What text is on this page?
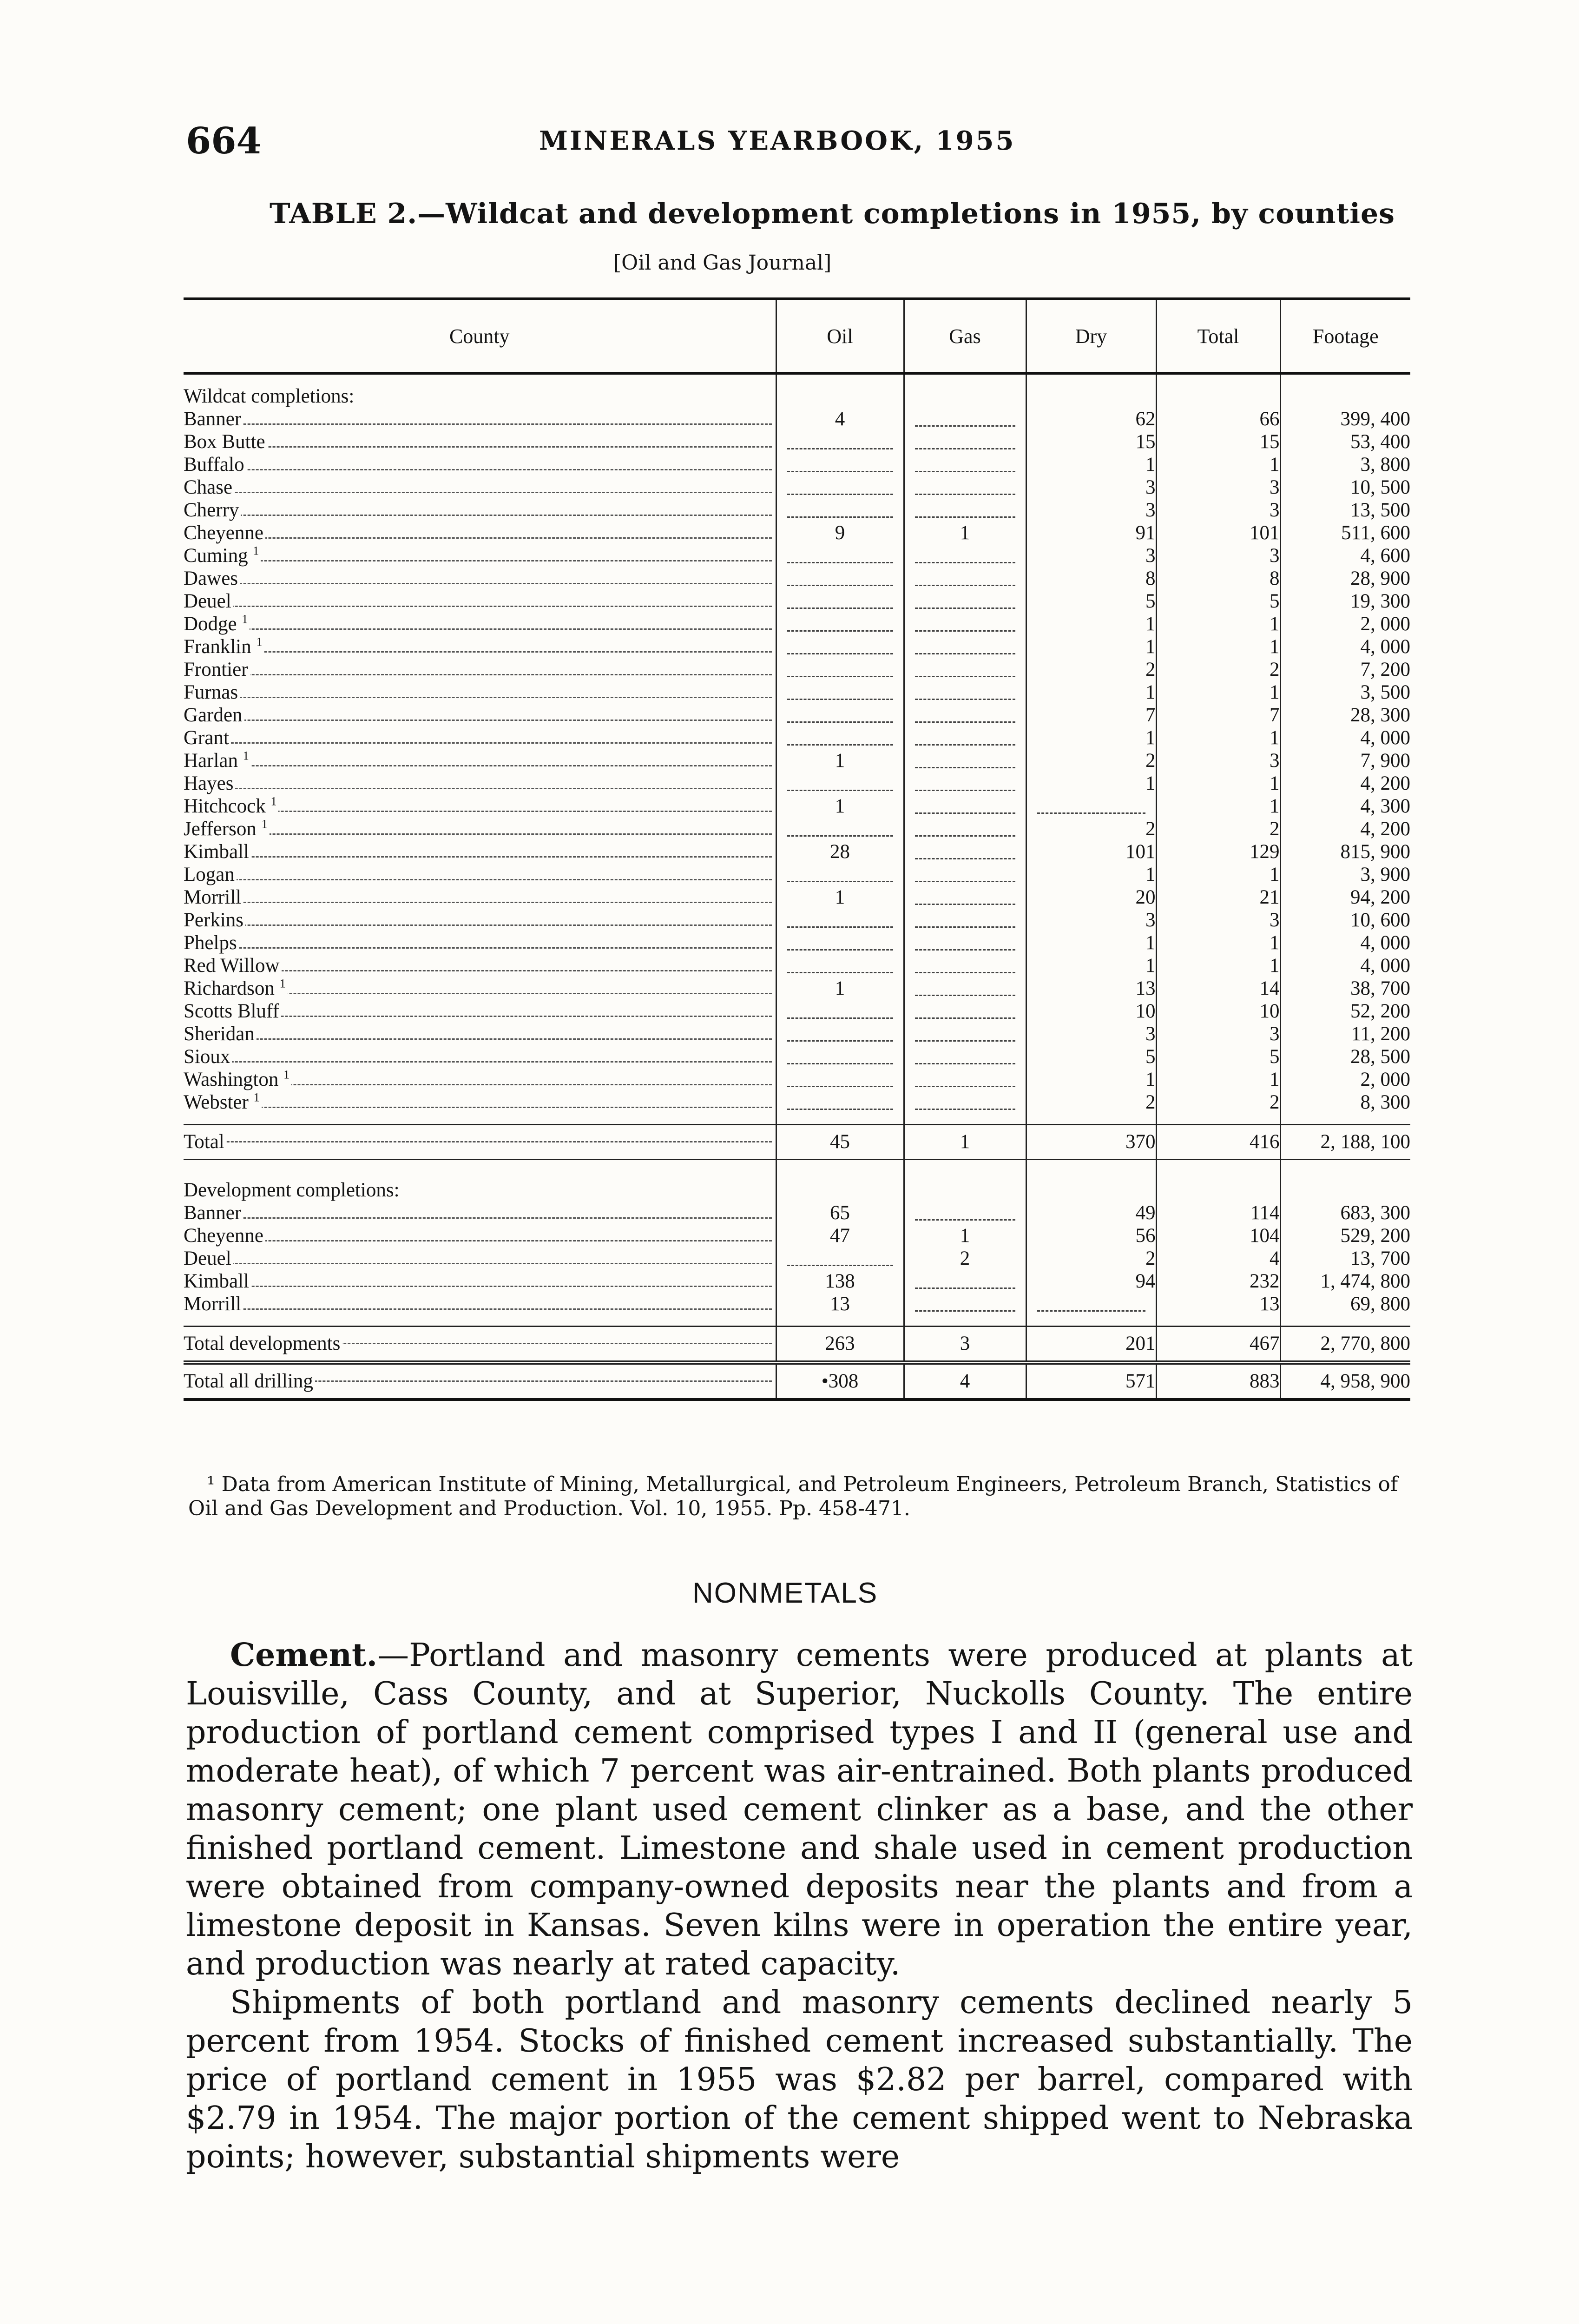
664	MINERALS YEARBOOK, 1955
TABLE 2.—Wildcat and development completions in 1955, by counties
[Oil and Gas Journal]
County	Oil	Gas	Dry	Total	Footage

Wildcat completions:					
Banner	4		62	66	399, 400
Box Butte			15	15	53, 400
Buffalo			1	1	3, 800
Chase			3	3	10, 500
Cherry			3	3	13, 500
Cheyenne	9	1	91	101	511, 600
Cuming $^1$			3	3	4, 600
Dawes			8	8	28, 900
Deuel			5	5	19, 300
Dodge $^1$			1	1	2, 000
Franklin $^1$			1	1	4, 000
Frontier			2	2	7, 200
Furnas			1	1	3, 500
Garden			7	7	28, 300
Grant			1	1	4, 000
Harlan $^1$	1		2	3	7, 900
Hayes			1	1	4, 200
Hitchcock $^1$	1			1	4, 300
Jefferson $^1$			2	2	4, 200
Kimball	28		101	129	815, 900
Logan			1	1	3, 900
Morrill	1		20	21	94, 200
Perkins			3	3	10, 600
Phelps			1	1	4, 000
Red Willow			1	1	4, 000
Richardson $^1$	1		13	14	38, 700
Scotts Bluff			10	10	52, 200
Sheridan			3	3	11, 200
Sioux			5	5	28, 500
Washington $^1$			1	1	2, 000
Webster $^1$			2	2	8, 300

Total	45	1	370	416	2, 188, 100

Development completions:					
Banner	65		49	114	683, 300
Cheyenne	47	1	56	104	529, 200
Deuel		2	2	4	13, 700
Kimball	138		94	232	1, 474, 800
Morrill	13			13	69, 800

Total developments	263	3	201	467	2, 770, 800
Total all drilling	•308	4	571	883	4, 958, 900
¹ Data from American Institute of Mining, Metallurgical, and Petroleum Engineers, Petroleum Branch, Statistics of Oil and Gas Development and Production. Vol. 10, 1955. Pp. 458-471.
NONMETALS

Cement.—Portland and masonry cements were produced at plants at Louisville, Cass County, and at Superior, Nuckolls County. The entire production of portland cement comprised types I and II (general use and moderate heat), of which 7 percent was air-entrained. Both plants produced masonry cement; one plant used cement clinker as a base, and the other finished portland cement. Limestone and shale used in cement production were obtained from company-owned deposits near the plants and from a limestone deposit in Kansas. Seven kilns were in operation the entire year, and production was nearly at rated capacity.

Shipments of both portland and masonry cements declined nearly 5 percent from 1954. Stocks of finished cement increased substantially. The price of portland cement in 1955 was $2.82 per barrel, compared with $2.79 in 1954. The major portion of the cement shipped went to Nebraska points; however, substantial shipments were
